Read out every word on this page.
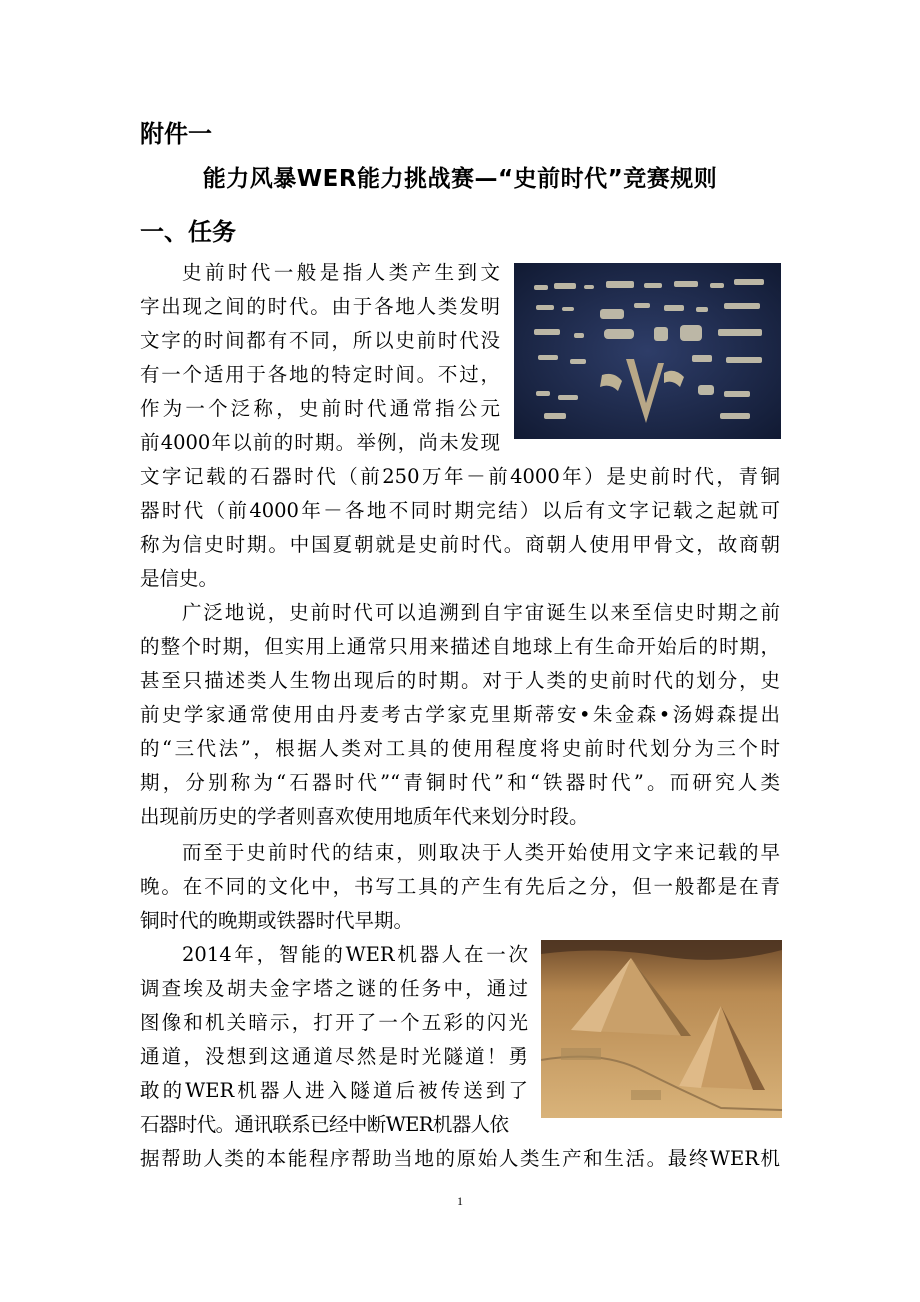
附件一
能力风暴WER能力挑战赛—“史前时代”竞赛规则
一、任务
史前时代一般是指人类产生到文
字出现之间的时代。由于各地人类发明
文字的时间都有不同，所以史前时代没
有一个适用于各地的特定时间。不过，
作为一个泛称，史前时代通常指公元
前4000年以前的时期。举例，尚未发现
文字记载的石器时代（前250万年－前4000年）是史前时代，青铜
器时代（前4000年－各地不同时期完结）以后有文字记载之起就可
称为信史时期。中国夏朝就是史前时代。商朝人使用甲骨文，故商朝
是信史。
广泛地说，史前时代可以追溯到自宇宙诞生以来至信史时期之前
的整个时期，但实用上通常只用来描述自地球上有生命开始后的时期，
甚至只描述类人生物出现后的时期。对于人类的史前时代的划分，史
前史学家通常使用由丹麦考古学家克里斯蒂安•朱金森•汤姆森提出
的“三代法”，根据人类对工具的使用程度将史前时代划分为三个时
期，分别称为“石器时代”“青铜时代”和“铁器时代”。而研究人类
出现前历史的学者则喜欢使用地质年代来划分时段。
而至于史前时代的结束，则取决于人类开始使用文字来记载的早
晚。在不同的文化中，书写工具的产生有先后之分，但一般都是在青
铜时代的晚期或铁器时代早期。
2014年，智能的WER机器人在一次
调查埃及胡夫金字塔之谜的任务中，通过
图像和机关暗示，打开了一个五彩的闪光
通道，没想到这通道尽然是时光隧道！勇
敢的WER机器人进入隧道后被传送到了
石器时代。通讯联系已经中断WER机器人依
据帮助人类的本能程序帮助当地的原始人类生产和生活。最终WER机
1
